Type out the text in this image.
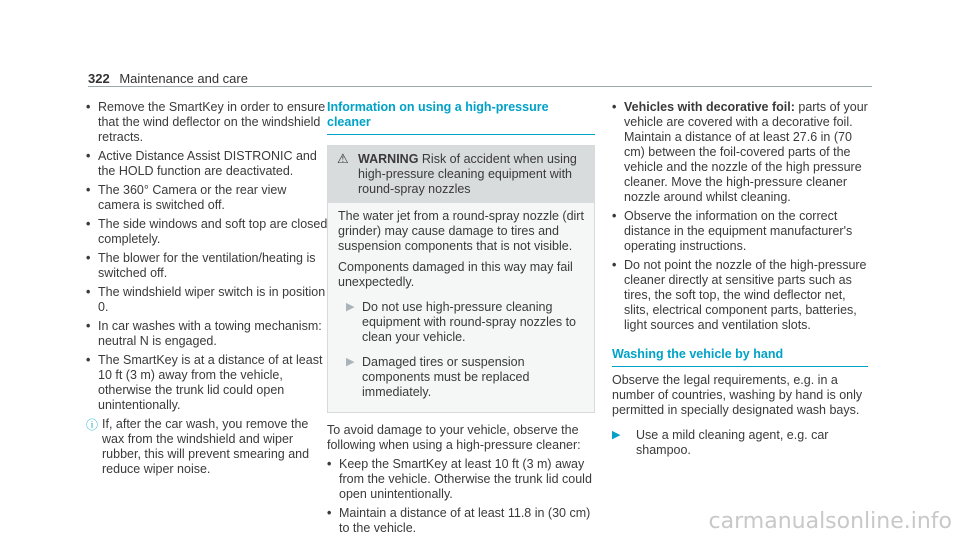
322 Maintenance and care
• Remove the SmartKey in order to ensure that the wind deflector on the windshield retracts.
• Active Distance Assist DISTRONIC and the HOLD function are deactivated.
• The 360° Camera or the rear view camera is switched off.
• The side windows and soft top are closed completely.
• The blower for the ventilation/heating is switched off.
• The windshield wiper switch is in position 0.
• In car washes with a towing mechanism: neutral N is engaged.
• The SmartKey is at a distance of at least 10 ft (3 m) away from the vehicle, otherwise the trunk lid could open unintentionally.
ⓘ If, after the car wash, you remove the wax from the windshield and wiper rubber, this will prevent smearing and reduce wiper noise.
Information on using a high-pressure cleaner
⚠ WARNING Risk of accident when using high-pressure cleaning equipment with round-spray nozzles

The water jet from a round-spray nozzle (dirt grinder) may cause damage to tires and suspension components that is not visible.

Components damaged in this way may fail unexpectedly.

▶ Do not use high-pressure cleaning equipment with round-spray nozzles to clean your vehicle.
▶ Damaged tires or suspension components must be replaced immediately.

To avoid damage to your vehicle, observe the following when using a high-pressure cleaner:

• Keep the SmartKey at least 10 ft (3 m) away from the vehicle. Otherwise the trunk lid could open unintentionally.
• Maintain a distance of at least 11.8 in (30 cm) to the vehicle.
• Vehicles with decorative foil: parts of your vehicle are covered with a decorative foil. Maintain a distance of at least 27.6 in (70 cm) between the foil-covered parts of the vehicle and the nozzle of the high pressure cleaner. Move the high-pressure cleaner nozzle around whilst cleaning.
• Observe the information on the correct distance in the equipment manufacturer's operating instructions.
• Do not point the nozzle of the high-pressure cleaner directly at sensitive parts such as tires, the soft top, the wind deflector net, slits, electrical component parts, batteries, light sources and ventilation slots.
Washing the vehicle by hand

Observe the legal requirements, e.g. in a number of countries, washing by hand is only permitted in specially designated wash bays.

▶ Use a mild cleaning agent, e.g. car shampoo.
carmanualsonline.info
